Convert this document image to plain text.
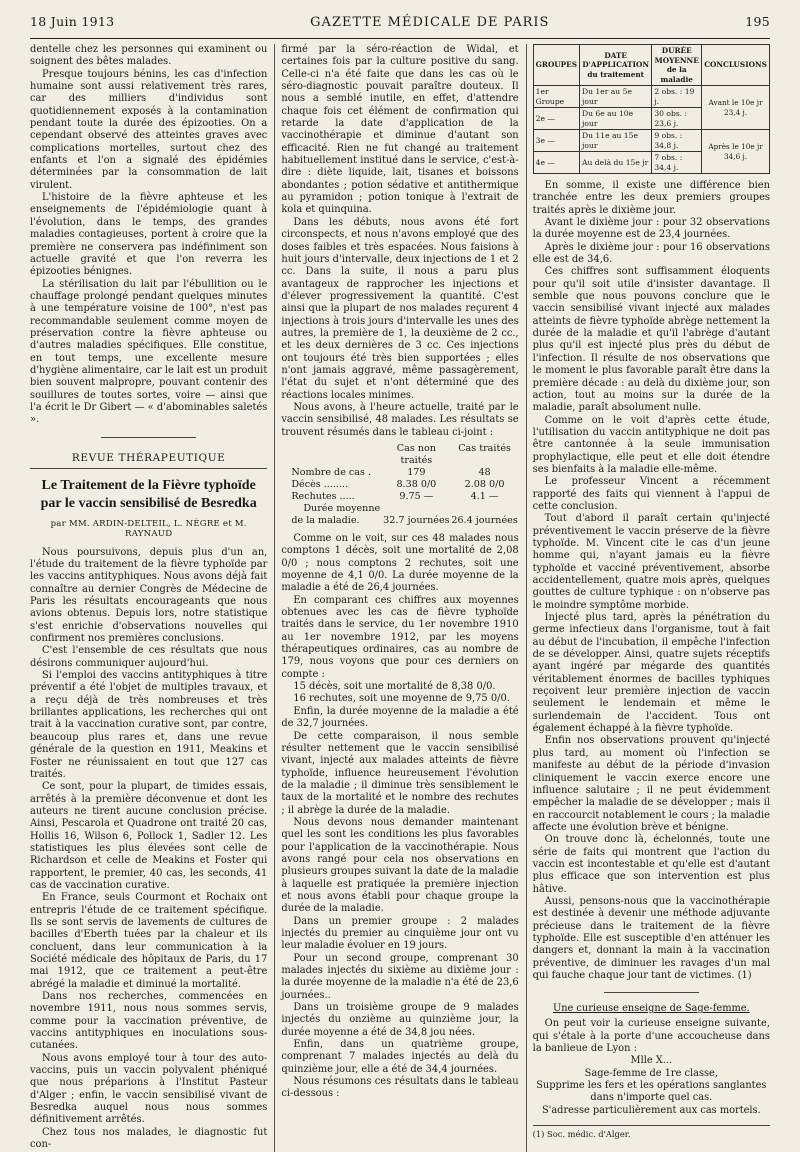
18 Juin 1913	GAZETTE MÉDICALE DE PARIS	195

dentelle chez les personnes qui examinent ou soignent des bêtes malades.

Presque toujours bénins, les cas d'infection humaine sont aussi relativement très rares, car des milliers d'individus sont quotidiennement exposés à la contamination pendant toute la durée des épizooties. On a cependant observé des atteintes graves avec complications mortelles, surtout chez des enfants et l'on a signalé des épidémies déterminées par la consommation de lait virulent.

L'histoire de la fièvre aphteuse et les enseignements de l'épidémiologie quant à l'évolution, dans le temps, des grandes maladies contagieuses, portent à croire que la première ne conservera pas indéfiniment son actuelle gravité et que l'on reverra les épizooties bénignes.

La stérilisation du lait par l'ébullition ou le chauffage prolongé pendant quelques minutes à une température voisine de 100°, n'est pas recommandable seulement comme moyen de préservation contre la fièvre aphteuse ou d'autres maladies spécifiques. Elle constitue, en tout temps, une excellente mesure d'hygiène alimentaire, car le lait est un produit bien souvent malpropre, pouvant contenir des souillures de toutes sortes, voire — ainsi que l'a écrit le Dr Gibert — « d'abominables saletés ».

REVUE THÉRAPEUTIQUE
Le Traitement de la Fièvre typhoïde
par le vaccin sensibilisé de Besredka
par MM. ARDIN-DELTEIL, L. NÈGRE et M. RAYNAUD

Nous poursuivons, depuis plus d'un an, l'étude du traitement de la fièvre typhoïde par les vaccins antityphiques. Nous avons déjà fait connaître au dernier Congrès de Médecine de Paris les résultats encourageants que nous avions obtenus. Depuis lors, notre statistique s'est enrichie d'observations nouvelles qui confirment nos premières conclusions.

C'est l'ensemble de ces résultats que nous désirons communiquer aujourd'hui.

Si l'emploi des vaccins antityphiques à titre préventif a été l'objet de multiples travaux, et a reçu déjà de très nombreuses et très brillantes applications, les recherches qui ont trait à la vaccination curative sont, par contre, beaucoup plus rares et, dans une revue générale de la question en 1911, Meakins et Foster ne réunissaient en tout que 127 cas traités.

Ce sont, pour la plupart, de timides essais, arrêtés à la première déconvenue et dont les auteurs ne tirent aucune conclusion précise. Ainsi, Pescarola et Quadrone ont traité 20 cas, Hollis 16, Wilson 6, Pollock 1, Sadler 12. Les statistiques les plus élevées sont celle de Richardson et celle de Meakins et Foster qui rapportent, le premier, 40 cas, les seconds, 41 cas de vaccination curative.

En France, seuls Courmont et Rochaix ont entrepris l'étude de ce traitement spécifique. Ils se sont servis de lavements de cultures de bacilles d'Eberth tuées par la chaleur et ils concluent, dans leur communication à la Société médicale des hôpitaux de Paris, du 17 mai 1912, que ce traitement a peut-être abrégé la maladie et diminué la mortalité.

Dans nos recherches, commencées en novembre 1911, nous nous sommes servis, comme pour la vaccination préventive, de vaccins antityphiques en inoculations sous-cutanées.

Nous avons employé tour à tour des auto-vaccins, puis un vaccin polyvalent phéniqué que nous préparions à l'Institut Pasteur d'Alger ; enfin, le vaccin sensibilisé vivant de Besredka auquel nous nous sommes définitivement arrêtés.

Chez tous nos malades, le diagnostic fut con-

firmé par la séro-réaction de Widal, et certaines fois par la culture positive du sang. Celle-ci n'a été faite que dans les cas où le séro-diagnostic pouvait paraître douteux. Il nous a semblé inutile, en effet, d'attendre chaque fois cet élément de confirmation qui retarde la date d'application de la vaccinothérapie et diminue d'autant son efficacité. Rien ne fut changé au traitement habituellement institué dans le service, c'est-à-dire : diète liquide, lait, tisanes et boissons abondantes ; potion sédative et antithermique au pyramidon ; potion tonique à l'extrait de kola et quinquina.

Dans les débuts, nous avons été fort circonspects, et nous n'avons employé que des doses faibles et très espacées. Nous faisions à huit jours d'intervalle, deux injections de 1 et 2 cc. Dans la suite, il nous a paru plus avantageux de rapprocher les injections et d'élever progressivement la quantité. C'est ainsi que la plupart de nos malades reçurent 4 injections à trois jours d'intervalle les unes des autres, la première de 1, la deuxième de 2 cc., et les deux dernières de 3 cc. Ces injections ont toujours été très bien supportées ; elles n'ont jamais aggravé, même passagèrement, l'état du sujet et n'ont déterminé que des réactions locales minimes.

Nous avons, à l'heure actuelle, traité par le vaccin sensibilisé, 48 malades. Les résultats se trouvent résumés dans le tableau ci-joint :

Cas non traités
Cas traités
Nombre de cas .	179	48
Décès ........	8.38 0/0	2.08 0/0
Rechutes .....	9.75 —	4.1 —
Durée moyenne
de la maladie.	32.7 journées 26.4 journées

Comme on le voit, sur ces 48 malades nous comptons 1 décès, soit une mortalité de 2,08 0/0 ; nous comptons 2 rechutes, soit une moyenne de 4,1 0/0. La durée moyenne de la maladie a été de 26,4 journées.

En comparant ces chiffres aux moyennes obtenues avec les cas de fièvre typhoïde traités dans le service, du 1er novembre 1910 au 1er novembre 1912, par les moyens thérapeutiques ordinaires, cas au nombre de 179, nous voyons que pour ces derniers on compte :

15 décès, soit une mortalité de 8,38 0/0.

16 rechutes, soit une moyenne de 9,75 0/0.

Enfin, la durée moyenne de la maladie a été de 32,7 journées.

De cette comparaison, il nous semble résulter nettement que le vaccin sensibilisé vivant, injecté aux malades atteints de fièvre typhoïde, influence heureusement l'évolution de la maladie ; il diminue très sensiblement le taux de la mortalité et le nombre des rechutes ; il abrège la durée de la maladie.

Nous devons nous demander maintenant quel les sont les conditions les plus favorables pour l'application de la vaccinothérapie. Nous avons rangé pour cela nos observations en plusieurs groupes suivant la date de la maladie à laquelle est pratiquée la première injection et nous avons établi pour chaque groupe la durée de la maladie.

Dans un premier groupe : 2 malades injectés du premier au cinquième jour ont vu leur maladie évoluer en 19 jours.

Pour un second groupe, comprenant 30 malades injectés du sixième au dixième jour : la durée moyenne de la maladie n'a été de 23,6 journées..

Dans un troisième groupe de 9 malades injectés du onzième au quinzième jour, la durée moyenne a été de 34,8 jou nées.

Enfin, dans un quatrième groupe, comprenant 7 malades injectés au delà du quinzième jour, elle a été de 34,4 journées.

Nous résumons ces résultats dans le tableau ci-dessous :

GROUPES	DATE D'APPLICATION du traitement	DURÉE MOYENNE de la maladie	CONCLUSIONS
1er Groupe	Du 1er au 5e jour	2 obs. : 19 j.	Avant le 10e jr 23,4 j.
2e —	Du 6e au 10e jour	30 obs. : 23,6 j.	
3e —	Du 11e au 15e jour	9 obs. : 34,8 j.	Après le 10e jr 34,6 j.
4e —	Au delà du 15e jr	7 obs. : 34,4 j.	

En somme, il existe une différence bien tranchée entre les deux premiers groupes traités après le dixième jour.

Avant le dixième jour : pour 32 observations la durée moyenne est de 23,4 journées.

Après le dixième jour : pour 16 observations elle est de 34,6.

Ces chiffres sont suffisamment éloquents pour qu'il soit utile d'insister davantage. Il semble que nous pouvons conclure que le vaccin sensibilisé vivant injecté aux malades atteints de fièvre typhoïde abrège nettement la durée de la maladie et qu'il l'abrège d'autant plus qu'il est injecté plus près du début de l'infection. Il résulte de nos observations que le moment le plus favorable paraît être dans la première décade : au delà du dixième jour, son action, tout au moins sur la durée de la maladie, paraît absolument nulle.

Comme on le voit d'après cette étude, l'utilisation du vaccin antityphique ne doit pas être cantonnée à la seule immunisation prophylactique, elle peut et elle doit étendre ses bienfaits à la maladie elle-même.

Le professeur Vincent a récemment rapporté des faits qui viennent à l'appui de cette conclusion.

Tout d'abord il paraît certain qu'injecté préventivement le vaccin préserve de la fièvre typhoïde. M. Vincent cite le cas d'un jeune homme qui, n'ayant jamais eu la fièvre typhoïde et vacciné préventivement, absorbe accidentellement, quatre mois après, quelques gouttes de culture typhique : on n'observe pas le moindre symptôme morbide.

Injecté plus tard, après la pénétration du germe infectieux dans l'organisme, tout à fait au début de l'incubation, il empêche l'infection de se développer. Ainsi, quatre sujets réceptifs ayant ingéré par mégarde des quantités véritablement énormes de bacilles typhiques reçoivent leur première injection de vaccin seulement le lendemain et même le surlendemain de l'accident. Tous ont également échappé à la fièvre typhoïde.

Enfin nos observations prouvent qu'injecté plus tard, au moment où l'infection se manifeste au début de la période d'invasion cliniquement le vaccin exerce encore une influence salutaire ; il ne peut évidemment empêcher la maladie de se développer ; mais il en raccourcit notablement le cours ; la maladie affecte une évolution brève et bénigne.

On trouve donc là, échelonnés, toute une série de faits qui montrent que l'action du vaccin est incontestable et qu'elle est d'autant plus efficace que son intervention est plus hâtive.

Aussi, pensons-nous que la vaccinothérapie est destinée à devenir une méthode adjuvante précieuse dans le traitement de la fièvre typhoïde. Elle est susceptible d'en atténuer les dangers et, donnant la main à la vaccination préventive, de diminuer les ravages d'un mal qui fauche chaque jour tant de victimes. (1)

Une curieuse enseigne de Sage-femme.

On peut voir la curieuse enseigne suivante, qui s'étale à la porte d'une accoucheuse dans la banlieue de Lyon :

Mlle X...
Sage-femme de 1re classe,
Supprime les fers et les opérations sanglantes
dans n'importe quel cas.
S'adresse particulièrement aux cas mortels.
(1) Soc. médic. d'Alger.
